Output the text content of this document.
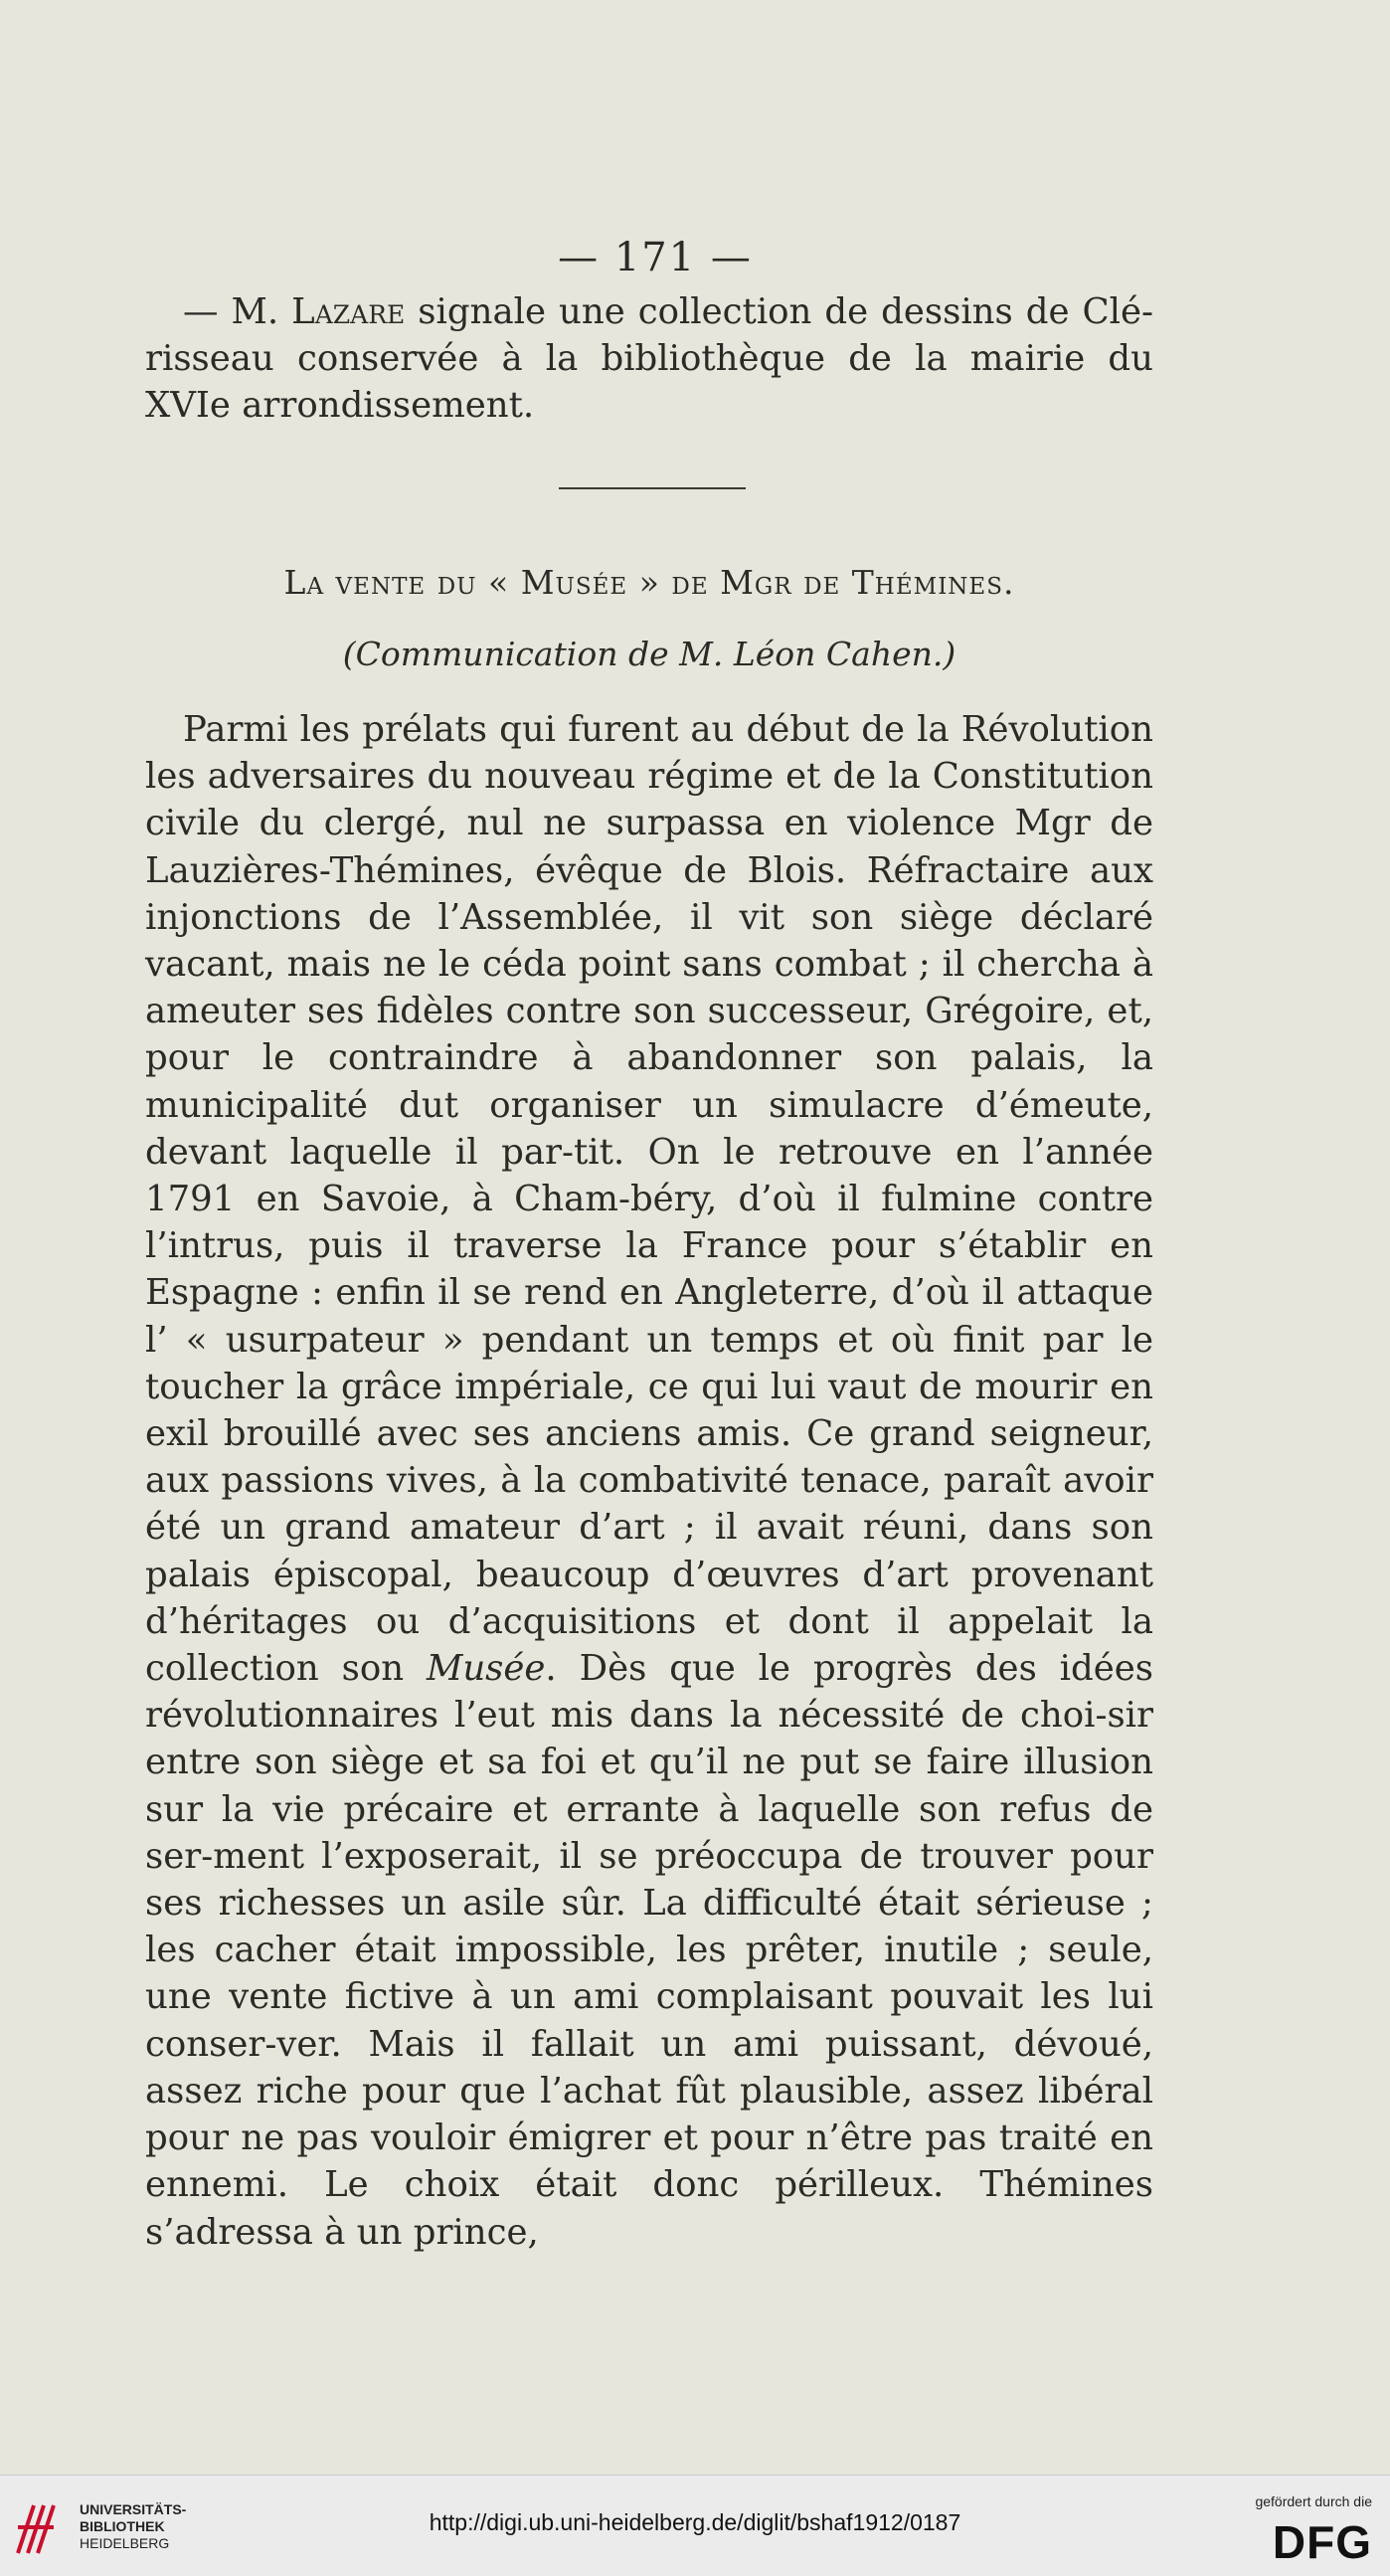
— 171 —

— M. Lazare signale une collection de dessins de Clé-risseau conservée à la bibliothèque de la mairie du XVIe arrondissement.

La vente du « Musée » de Mgr de Thémines.
(Communication de M. Léon Cahen.)

Parmi les prélats qui furent au début de la Révolution les adversaires du nouveau régime et de la Constitution civile du clergé, nul ne surpassa en violence Mgr de Lauzières-Thémines, évêque de Blois. Réfractaire aux injonctions de l’Assemblée, il vit son siège déclaré vacant, mais ne le céda point sans combat ; il chercha à ameuter ses fidèles contre son successeur, Grégoire, et, pour le contraindre à abandonner son palais, la municipalité dut organiser un simulacre d’émeute, devant laquelle il par-tit. On le retrouve en l’année 1791 en Savoie, à Cham-béry, d’où il fulmine contre l’intrus, puis il traverse la France pour s’établir en Espagne : enfin il se rend en Angleterre, d’où il attaque l’ « usurpateur » pendant un temps et où finit par le toucher la grâce impériale, ce qui lui vaut de mourir en exil brouillé avec ses anciens amis. Ce grand seigneur, aux passions vives, à la combativité tenace, paraît avoir été un grand amateur d’art ; il avait réuni, dans son palais épiscopal, beaucoup d’œuvres d’art provenant d’héritages ou d’acquisitions et dont il appelait la collection son Musée. Dès que le progrès des idées révolutionnaires l’eut mis dans la nécessité de choi-sir entre son siège et sa foi et qu’il ne put se faire illusion sur la vie précaire et errante à laquelle son refus de ser-ment l’exposerait, il se préoccupa de trouver pour ses richesses un asile sûr. La difficulté était sérieuse ; les cacher était impossible, les prêter, inutile ; seule, une vente fictive à un ami complaisant pouvait les lui conser-ver. Mais il fallait un ami puissant, dévoué, assez riche pour que l’achat fût plausible, assez libéral pour ne pas vouloir émigrer et pour n’être pas traité en ennemi. Le choix était donc périlleux. Thémines s’adressa à un prince,

UNIVERSITÄTS-
BIBLIOTHEK
HEIDELBERG
http://digi.ub.uni-heidelberg.de/diglit/bshaf1912/0187
gefördert durch die
DFG
